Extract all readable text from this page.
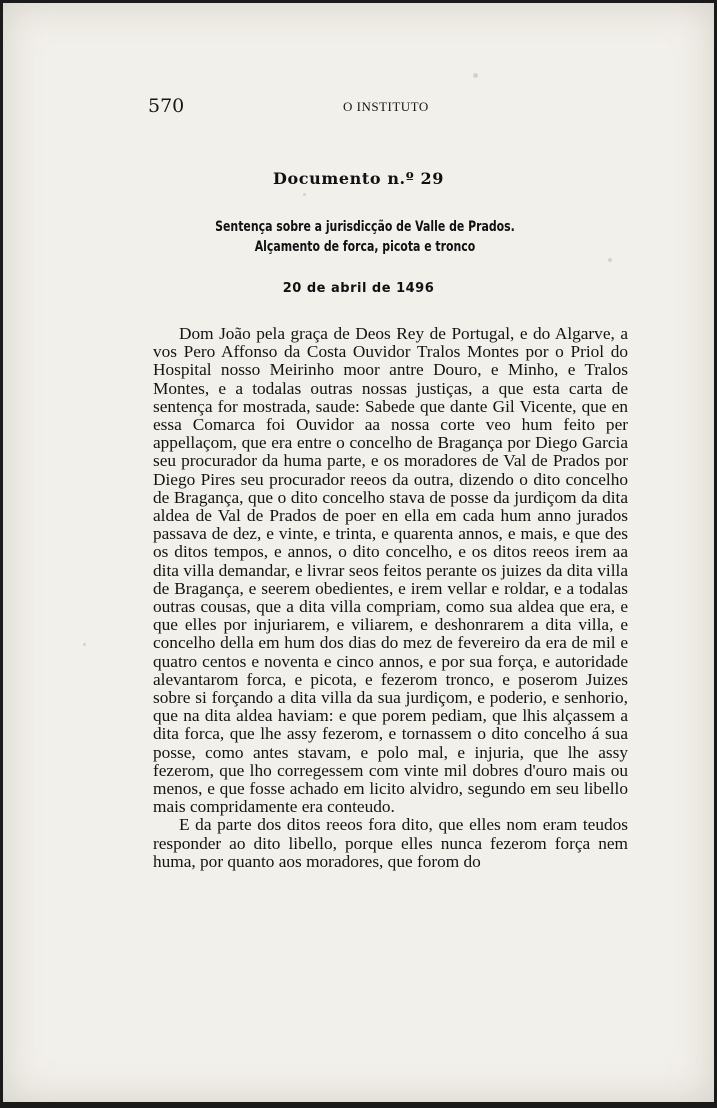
570	O INSTITUTO
Documento n.º 29
Sentença sobre a jurisdicção de Valle de Prados.
Alçamento de forca, picota e tronco
20 de abril de 1496

Dom João pela graça de Deos Rey de Portugal, e do Algarve, a vos Pero Affonso da Costa Ouvidor Tralos Montes por o Priol do Hospital nosso Meirinho moor antre Douro, e Minho, e Tralos Montes, e a todalas outras nossas justiças, a que esta carta de sentença for mostrada, saude: Sabede que dante Gil Vicente, que en essa Comarca foi Ouvidor aa nossa corte veo hum feito per appellaçom, que era entre o concelho de Bragança por Diego Garcia seu procurador da huma parte, e os moradores de Val de Prados por Diego Pires seu procurador reeos da outra, dizendo o dito concelho de Bragança, que o dito concelho stava de posse da jurdiçom da dita aldea de Val de Prados de poer en ella em cada hum anno jurados passava de dez, e vinte, e trinta, e quarenta annos, e mais, e que des os ditos tempos, e annos, o dito concelho, e os ditos reeos irem aa dita villa demandar, e livrar seos feitos perante os juizes da dita villa de Bragança, e seerem obedientes, e irem vellar e roldar, e a todalas outras cousas, que a dita villa compriam, como sua aldea que era, e que elles por injuriarem, e viliarem, e deshonrarem a dita villa, e concelho della em hum dos dias do mez de fevereiro da era de mil e quatro centos e noventa e cinco annos, e por sua força, e autoridade alevantarom forca, e picota, e fezerom tronco, e poserom Juizes sobre si forçando a dita villa da sua jurdiçom, e poderio, e senhorio, que na dita aldea haviam: e que porem pediam, que lhis alçassem a dita forca, que lhe assy fezerom, e tornassem o dito concelho á sua posse, como antes stavam, e polo mal, e injuria, que lhe assy fezerom, que lho corregessem com vinte mil dobres d'ouro mais ou menos, e que fosse achado em licito alvidro, segundo em seu libello mais compridamente era conteudo.

E da parte dos ditos reeos fora dito, que elles nom eram teudos responder ao dito libello, porque elles nunca fezerom força nem huma, por quanto aos moradores, que forom do
